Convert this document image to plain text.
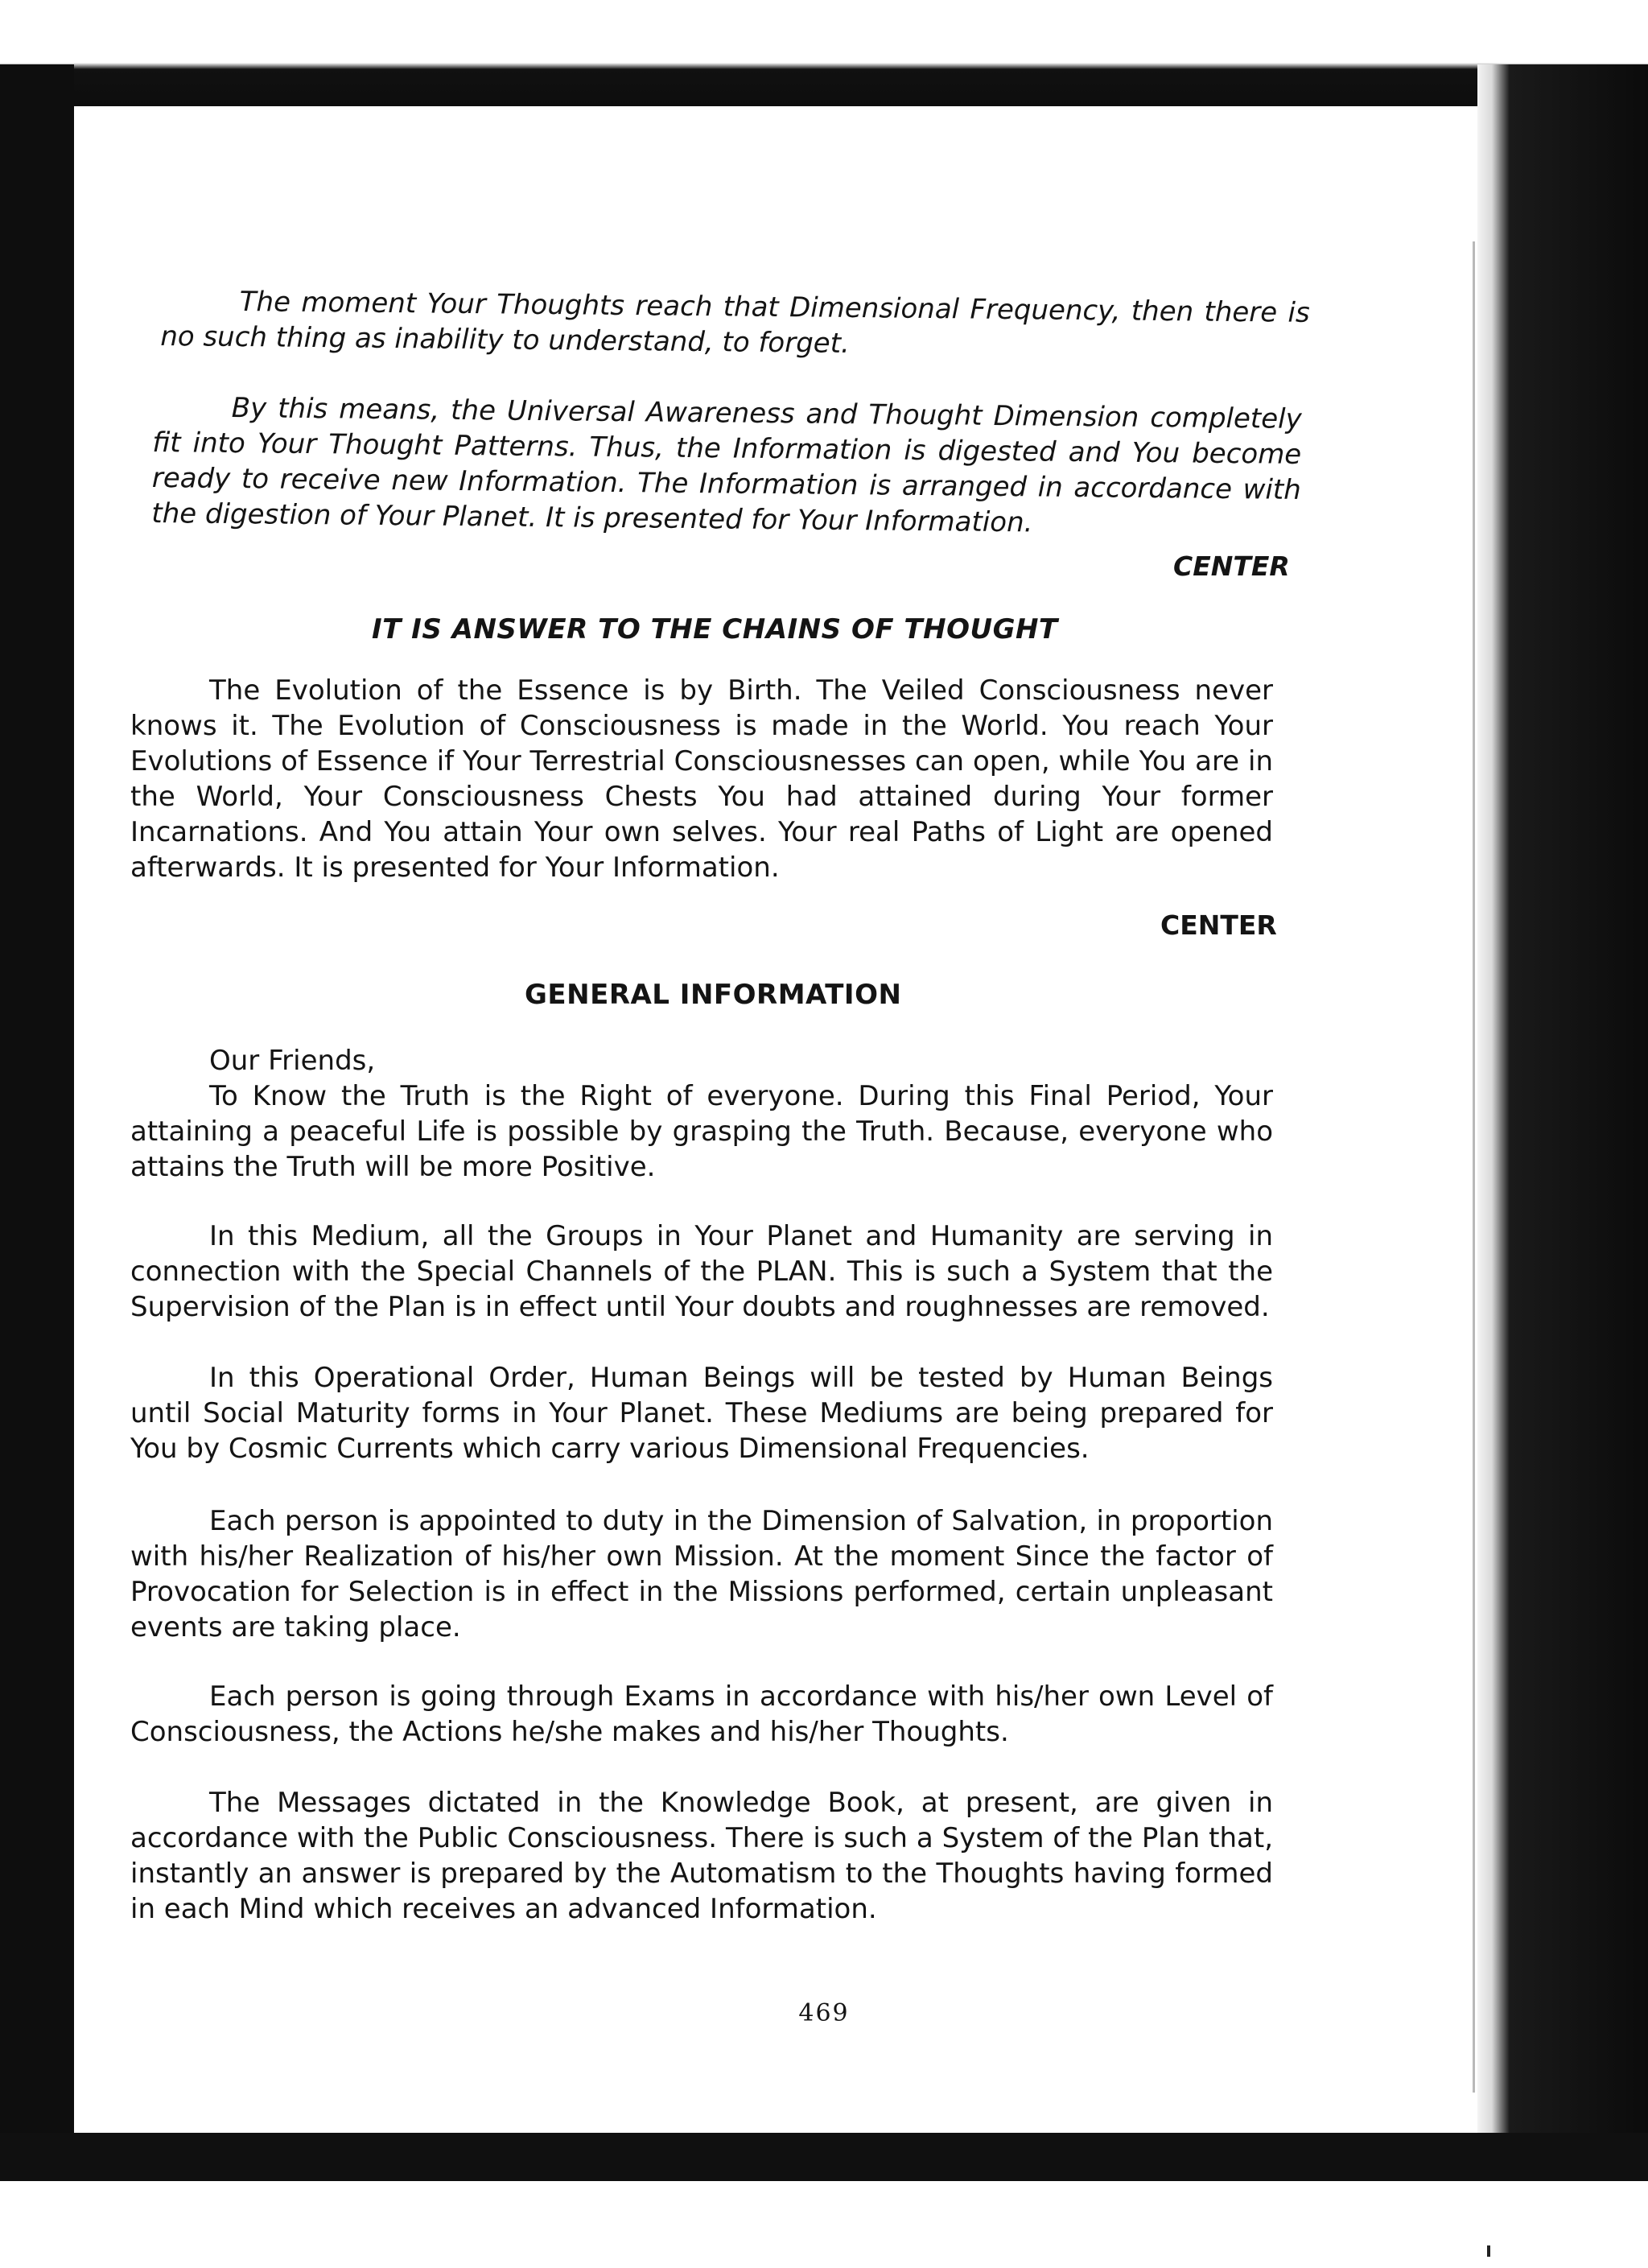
The moment Your Thoughts reach that Dimensional Frequency, then there is no such thing as inability to understand, to forget.

By this means, the Universal Awareness and Thought Dimension completely fit into Your Thought Patterns. Thus, the Information is digested and You become ready to receive new Information. The Information is arranged in accordance with the digestion of Your Planet. It is presented for Your Information.

CENTER

IT IS ANSWER TO THE CHAINS OF THOUGHT

The Evolution of the Essence is by Birth. The Veiled Consciousness never knows it. The Evolution of Consciousness is made in the World. You reach Your Evolutions of Essence if Your Terrestrial Consciousnesses can open, while You are in the World, Your Consciousness Chests You had attained during Your former Incarnations. And You attain Your own selves. Your real Paths of Light are opened afterwards. It is presented for Your Information.

CENTER

GENERAL INFORMATION

Our Friends,

To Know the Truth is the Right of everyone. During this Final Period, Your attaining a peaceful Life is possible by grasping the Truth. Because, everyone who attains the Truth will be more Positive.

In this Medium, all the Groups in Your Planet and Humanity are serving in connection with the Special Channels of the PLAN. This is such a System that the Supervision of the Plan is in effect until Your doubts and roughnesses are removed.

In this Operational Order, Human Beings will be tested by Human Beings until Social Maturity forms in Your Planet. These Mediums are being prepared for You by Cosmic Currents which carry various Dimensional Frequencies.

Each person is appointed to duty in the Dimension of Salvation, in proportion with his/her Realization of his/her own Mission. At the moment Since the factor of Provocation for Selection is in effect in the Missions performed, certain unpleasant events are taking place.

Each person is going through Exams in accordance with his/her own Level of Consciousness, the Actions he/she makes and his/her Thoughts.

The Messages dictated in the Knowledge Book, at present, are given in accordance with the Public Consciousness. There is such a System of the Plan that, instantly an answer is prepared by the Automatism to the Thoughts having formed in each Mind which receives an advanced Information.

469
